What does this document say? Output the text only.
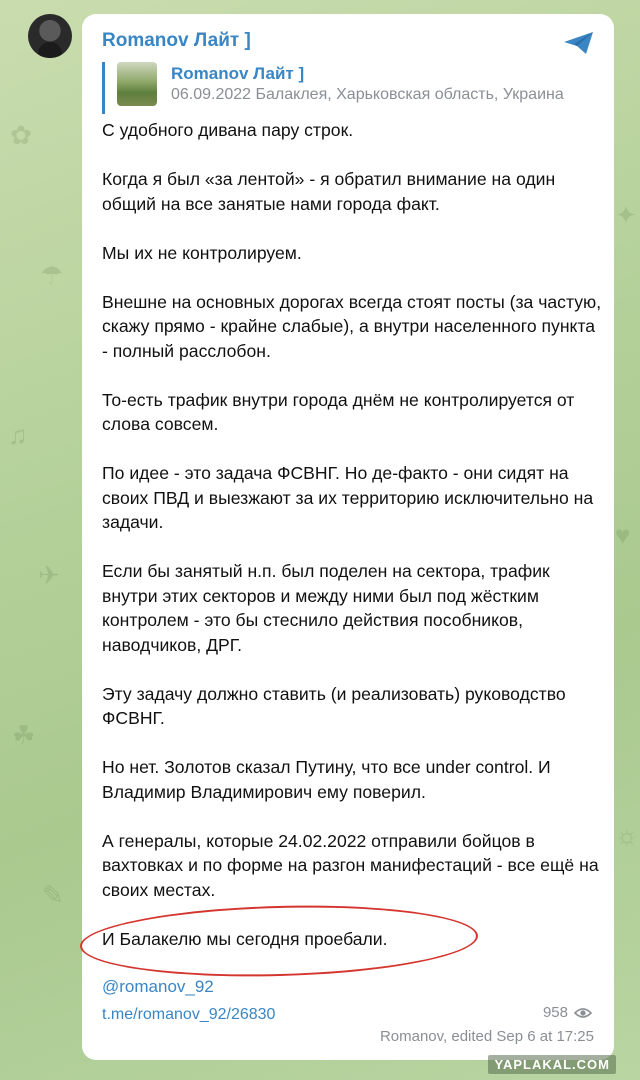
✿
☂
♫
✈
☘
✎
✦
♥
☼
Romanov Лайт ]
Romanov Лайт ]
06.09.2022 Балаклея, Харьковская область, Украина

С удобного дивана пару строк.

Когда я был «за лентой» - я обратил внимание на один общий на все занятые нами города факт.

Мы их не контролируем.

Внешне на основных дорогах всегда стоят посты (за частую, скажу прямо - крайне слабые), а внутри населенного пункта - полный расслобон.

То-есть трафик внутри города днём не контролируется от слова совсем.

По идее - это задача ФСВНГ. Но де-факто - они сидят на своих ПВД и выезжают за их территорию исключительно на задачи.

Если бы занятый н.п. был поделен на сектора, трафик внутри этих секторов и между ними был под жёстким контролем - это бы стеснило действия пособников, наводчиков, ДРГ.

Эту задачу должно ставить (и реализовать) руководство ФСВНГ.

Но нет. Золотов сказал Путину, что все under control. И Владимир Владимирович ему поверил.

А генералы, которые 24.02.2022 отправили бойцов в вахтовках и по форме на разгон манифестаций - все ещё на своих местах.

И Балакелю мы сегодня проебали.

@romanov_92
t.me/romanov_92/26830	958
Romanov, edited Sep 6 at 17:25
YAPLAKAL.COM
